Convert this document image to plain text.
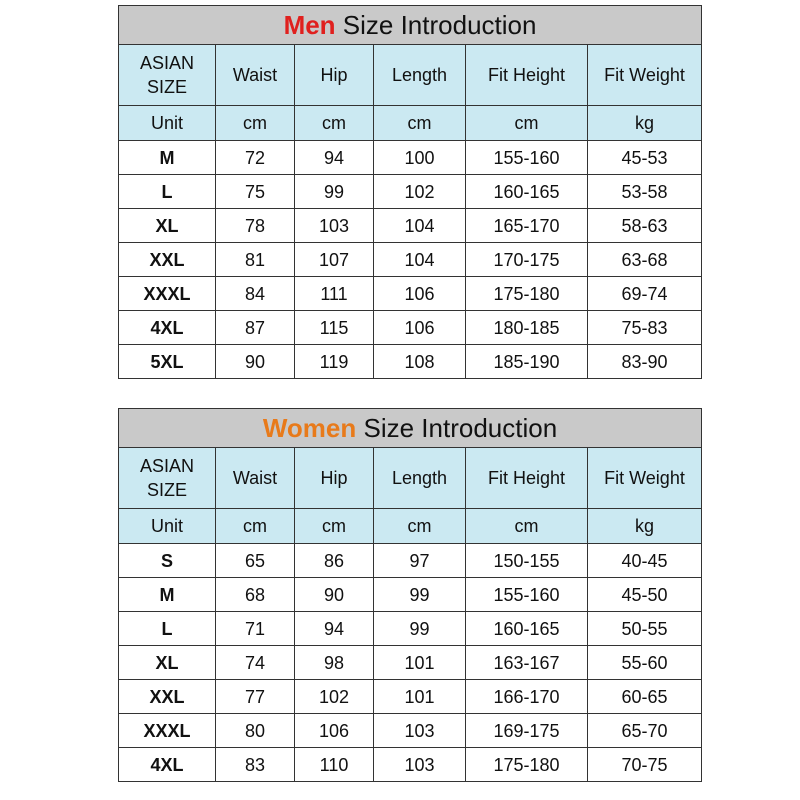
Men Size Introduction					
ASIAN SIZE	Waist	Hip	Length	Fit Height	Fit Weight
Unit	cm	cm	cm	cm	kg
M	72	94	100	155-160	45-53
L	75	99	102	160-165	53-58
XL	78	103	104	165-170	58-63
XXL	81	107	104	170-175	63-68
XXXL	84	111	106	175-180	69-74
4XL	87	115	106	180-185	75-83
5XL	90	119	108	185-190	83-90
Women Size Introduction					
ASIAN SIZE	Waist	Hip	Length	Fit Height	Fit Weight
Unit	cm	cm	cm	cm	kg
S	65	86	97	150-155	40-45
M	68	90	99	155-160	45-50
L	71	94	99	160-165	50-55
XL	74	98	101	163-167	55-60
XXL	77	102	101	166-170	60-65
XXXL	80	106	103	169-175	65-70
4XL	83	110	103	175-180	70-75
